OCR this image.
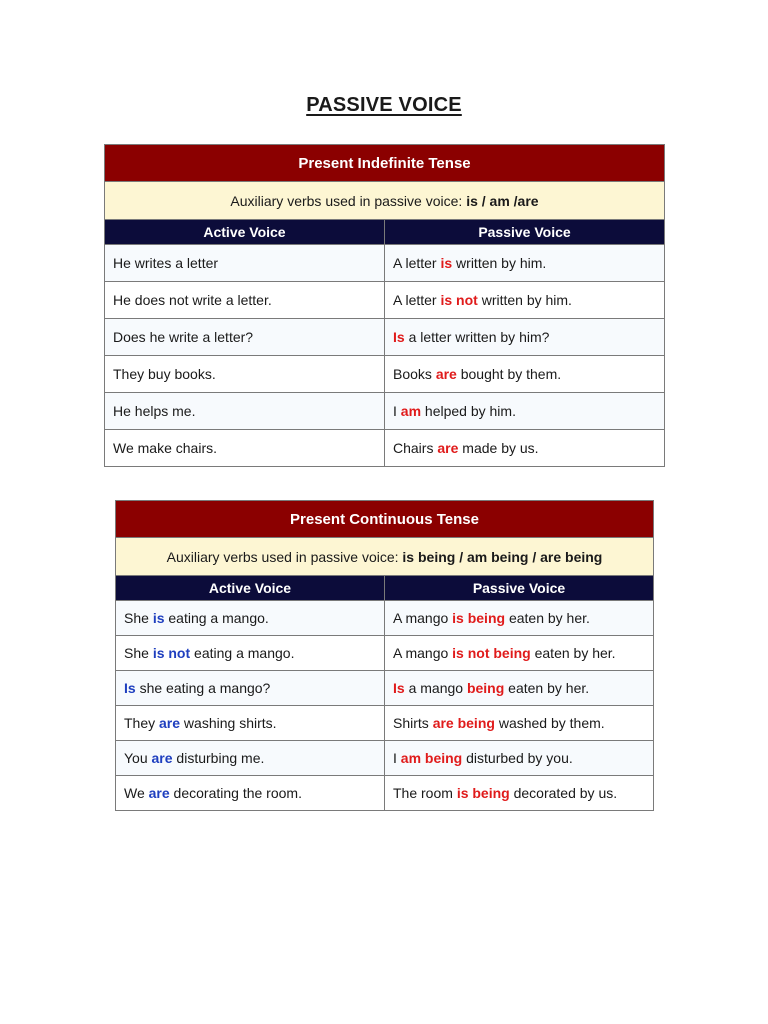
PASSIVE VOICE
Present Indefinite Tense	
Auxiliary verbs used in passive voice: is / am /are	
Active Voice	Passive Voice
He writes a letter	A letter is written by him.
He does not write a letter.	A letter is not written by him.
Does he write a letter?	Is a letter written by him?
They buy books.	Books are bought by them.
He helps me.	I am helped by him.
We make chairs.	Chairs are made by us.
Present Continuous Tense	
Auxiliary verbs used in passive voice: is being / am being / are being	
Active Voice	Passive Voice
She is eating a mango.	A mango is being eaten by her.
She is not eating a mango.	A mango is not being eaten by her.
Is she eating a mango?	Is a mango being eaten by her.
They are washing shirts.	Shirts are being washed by them.
You are disturbing me.	I am being disturbed by you.
We are decorating the room.	The room is being decorated by us.
